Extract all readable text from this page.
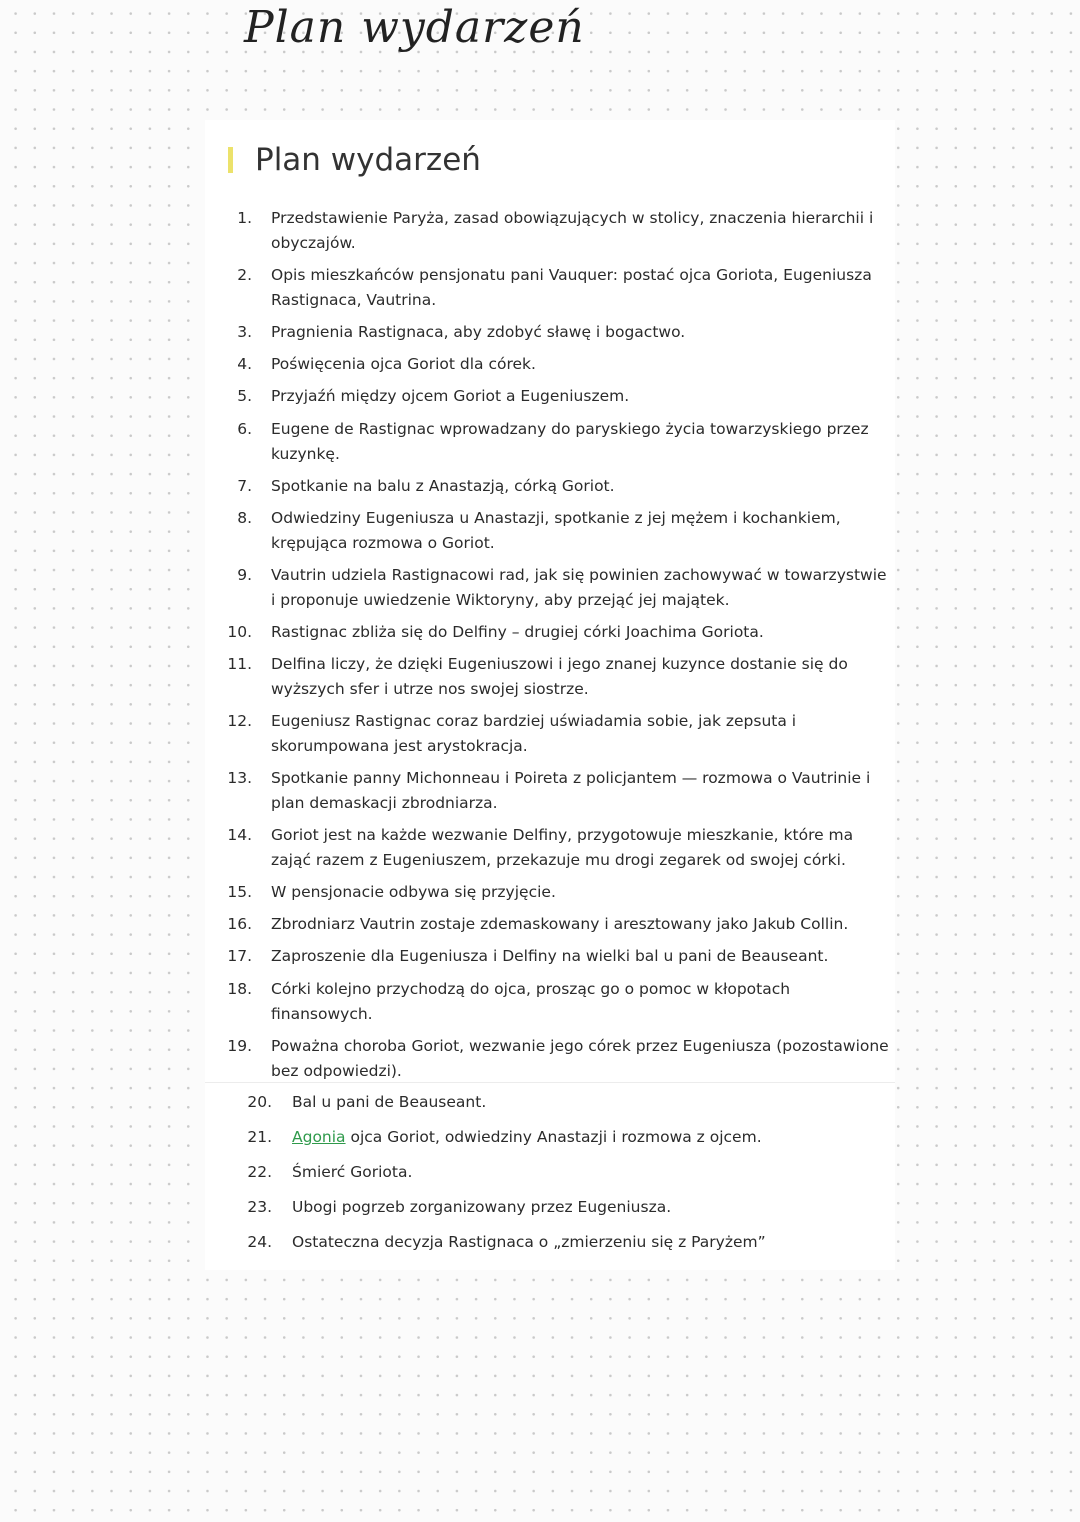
Plan wydarzeń
Plan wydarzeń
1. Przedstawienie Paryża, zasad obowiązujących w stolicy, znaczenia hierarchii i obyczajów.
2. Opis mieszkańców pensjonatu pani Vauquer: postać ojca Goriota, Eugeniusza Rastignaca, Vautrina.
3. Pragnienia Rastignaca, aby zdobyć sławę i bogactwo.
4. Poświęcenia ojca Goriot dla córek.
5. Przyjaźń między ojcem Goriot a Eugeniuszem.
6. Eugene de Rastignac wprowadzany do paryskiego życia towarzyskiego przez kuzynkę.
7. Spotkanie na balu z Anastazją, córką Goriot.
8. Odwiedziny Eugeniusza u Anastazji, spotkanie z jej mężem i kochankiem, krępująca rozmowa o Goriot.
9. Vautrin udziela Rastignacowi rad, jak się powinien zachowywać w towarzystwie i proponuje uwiedzenie Wiktoryny, aby przejąć jej majątek.
10. Rastignac zbliża się do Delfiny – drugiej córki Joachima Goriota.
11. Delfina liczy, że dzięki Eugeniuszowi i jego znanej kuzynce dostanie się do wyższych sfer i utrze nos swojej siostrze.
12. Eugeniusz Rastignac coraz bardziej uświadamia sobie, jak zepsuta i skorumpowana jest arystokracja.
13. Spotkanie panny Michonneau i Poireta z policjantem — rozmowa o Vautrinie i plan demaskacji zbrodniarza.
14. Goriot jest na każde wezwanie Delfiny, przygotowuje mieszkanie, które ma zająć razem z Eugeniuszem, przekazuje mu drogi zegarek od swojej córki.
15. W pensjonacie odbywa się przyjęcie.
16. Zbrodniarz Vautrin zostaje zdemaskowany i aresztowany jako Jakub Collin.
17. Zaproszenie dla Eugeniusza i Delfiny na wielki bal u pani de Beauseant.
18. Córki kolejno przychodzą do ojca, prosząc go o pomoc w kłopotach finansowych.
19. Poważna choroba Goriot, wezwanie jego córek przez Eugeniusza (pozostawione bez odpowiedzi).
20. Bal u pani de Beauseant.
21. Agonia ojca Goriot, odwiedziny Anastazji i rozmowa z ojcem.
22. Śmierć Goriota.
23. Ubogi pogrzeb zorganizowany przez Eugeniusza.
24. Ostateczna decyzja Rastignaca o „zmierzeniu się z Paryżem”
